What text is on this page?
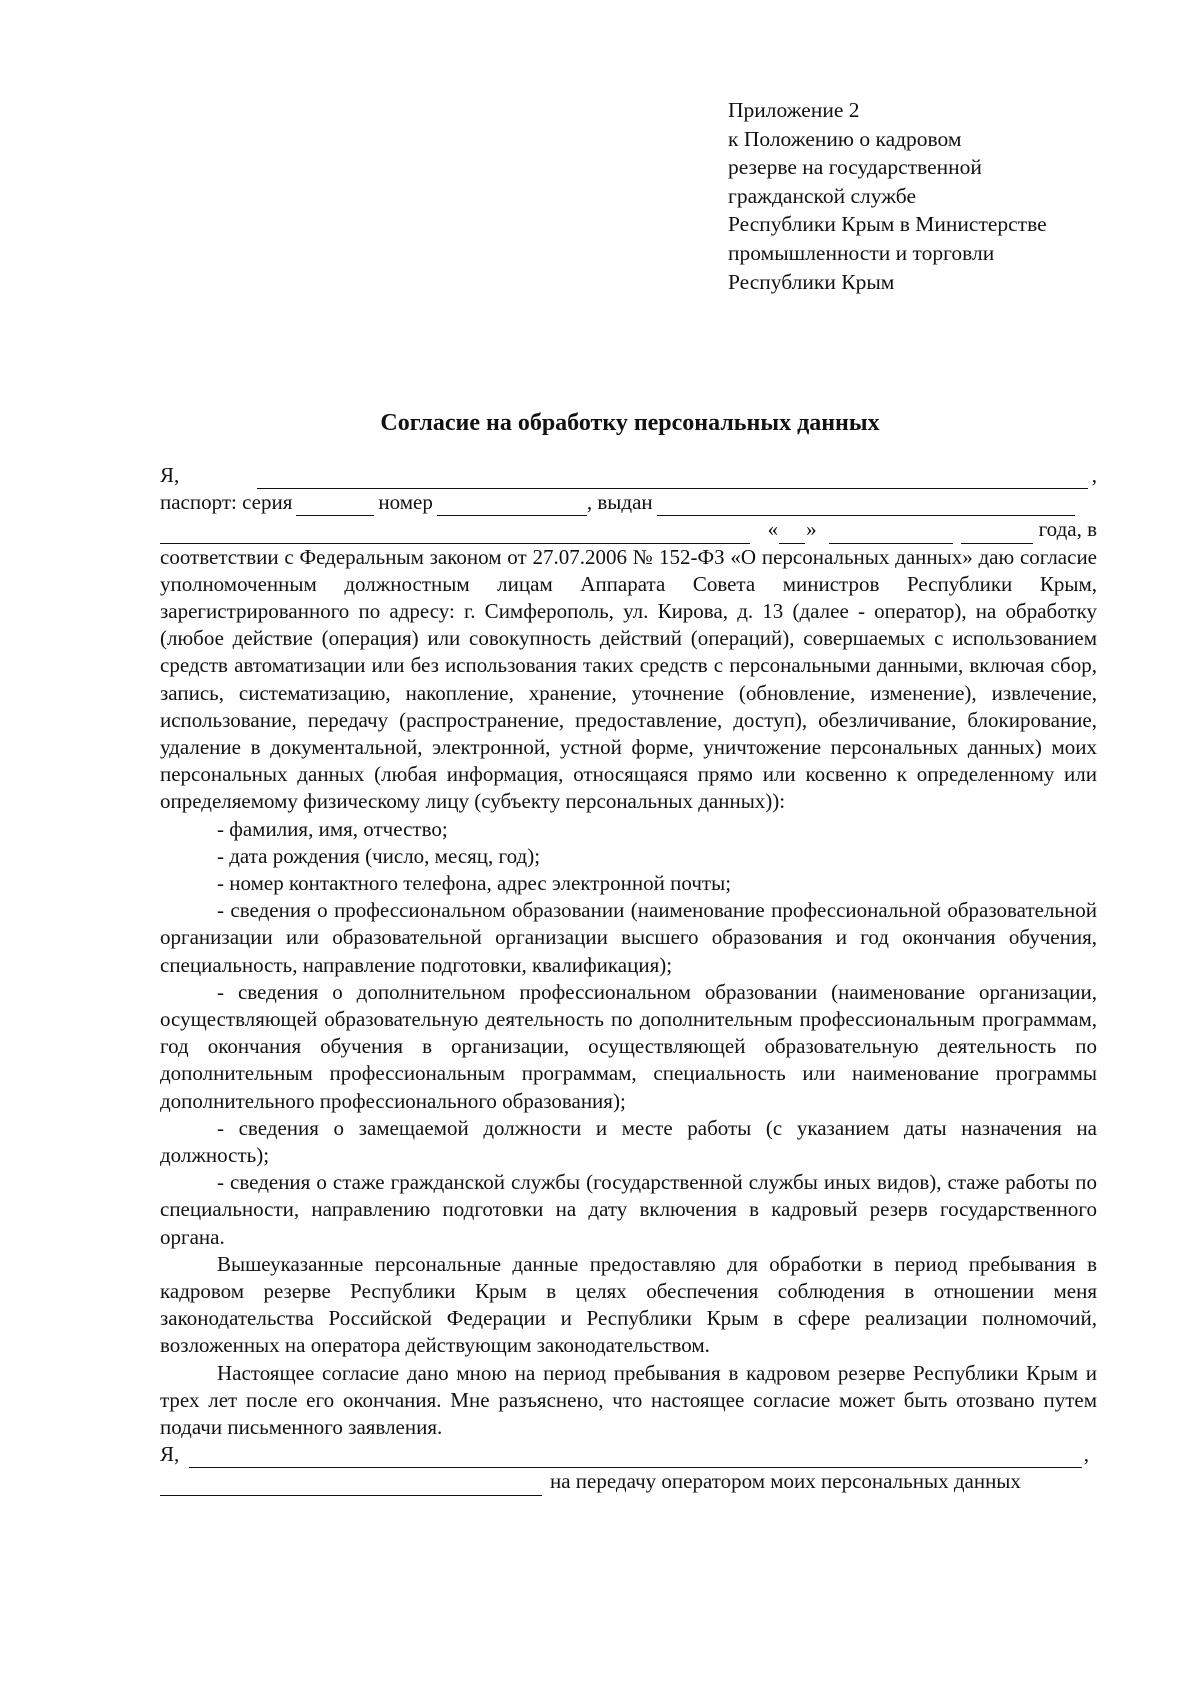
Приложение 2
к Положению о кадровом
резерве на государственной
гражданской службе
Республики Крым в Министерстве
промышленности и торговли
Республики Крым
Согласие на обработку персональных данных
Я,	,
паспорт: серия	номер	, выдан
« »	года, в

соответствии с Федеральным законом от 27.07.2006 № 152-ФЗ «О персональных данных» даю согласие уполномоченным должностным лицам Аппарата Совета министров Республики Крым, зарегистрированного по адресу: г. Симферополь, ул. Кирова, д. 13 (далее - оператор), на обработку (любое действие (операция) или совокупность действий (операций), совершаемых с использованием средств автоматизации или без использования таких средств с персональными данными, включая сбор, запись, систематизацию, накопление, хранение, уточнение (обновление, изменение), извлечение, использование, передачу (распространение, предоставление, доступ), обезличивание, блокирование, удаление в документальной, электронной, устной форме, уничтожение персональных данных) моих персональных данных (любая информация, относящаяся прямо или косвенно к определенному или определяемому физическому лицу (субъекту персональных данных)):

- фамилия, имя, отчество;

- дата рождения (число, месяц, год);

- номер контактного телефона, адрес электронной почты;

- сведения о профессиональном образовании (наименование профессиональной образовательной организации или образовательной организации высшего образования и год окончания обучения, специальность, направление подготовки, квалификация);

- сведения о дополнительном профессиональном образовании (наименование организации, осуществляющей образовательную деятельность по дополнительным профессиональным программам, год окончания обучения в организации, осуществляющей образовательную деятельность по дополнительным профессиональным программам, специальность или наименование программы дополнительного профессионального образования);

- сведения о замещаемой должности и месте работы (с указанием даты назначения на должность);

- сведения о стаже гражданской службы (государственной службы иных видов), стаже работы по специальности, направлению подготовки на дату включения в кадровый резерв государственного органа.

Вышеуказанные персональные данные предоставляю для обработки в период пребывания в кадровом резерве Республики Крым в целях обеспечения соблюдения в отношении меня законодательства Российской Федерации и Республики Крым в сфере реализации полномочий, возложенных на оператора действующим законодательством.

Настоящее согласие дано мною на период пребывания в кадровом резерве Республики Крым и трех лет после его окончания. Мне разъяснено, что настоящее согласие может быть отозвано путем подачи письменного заявления.

Я,	,
на передачу оператором моих персональных данных
